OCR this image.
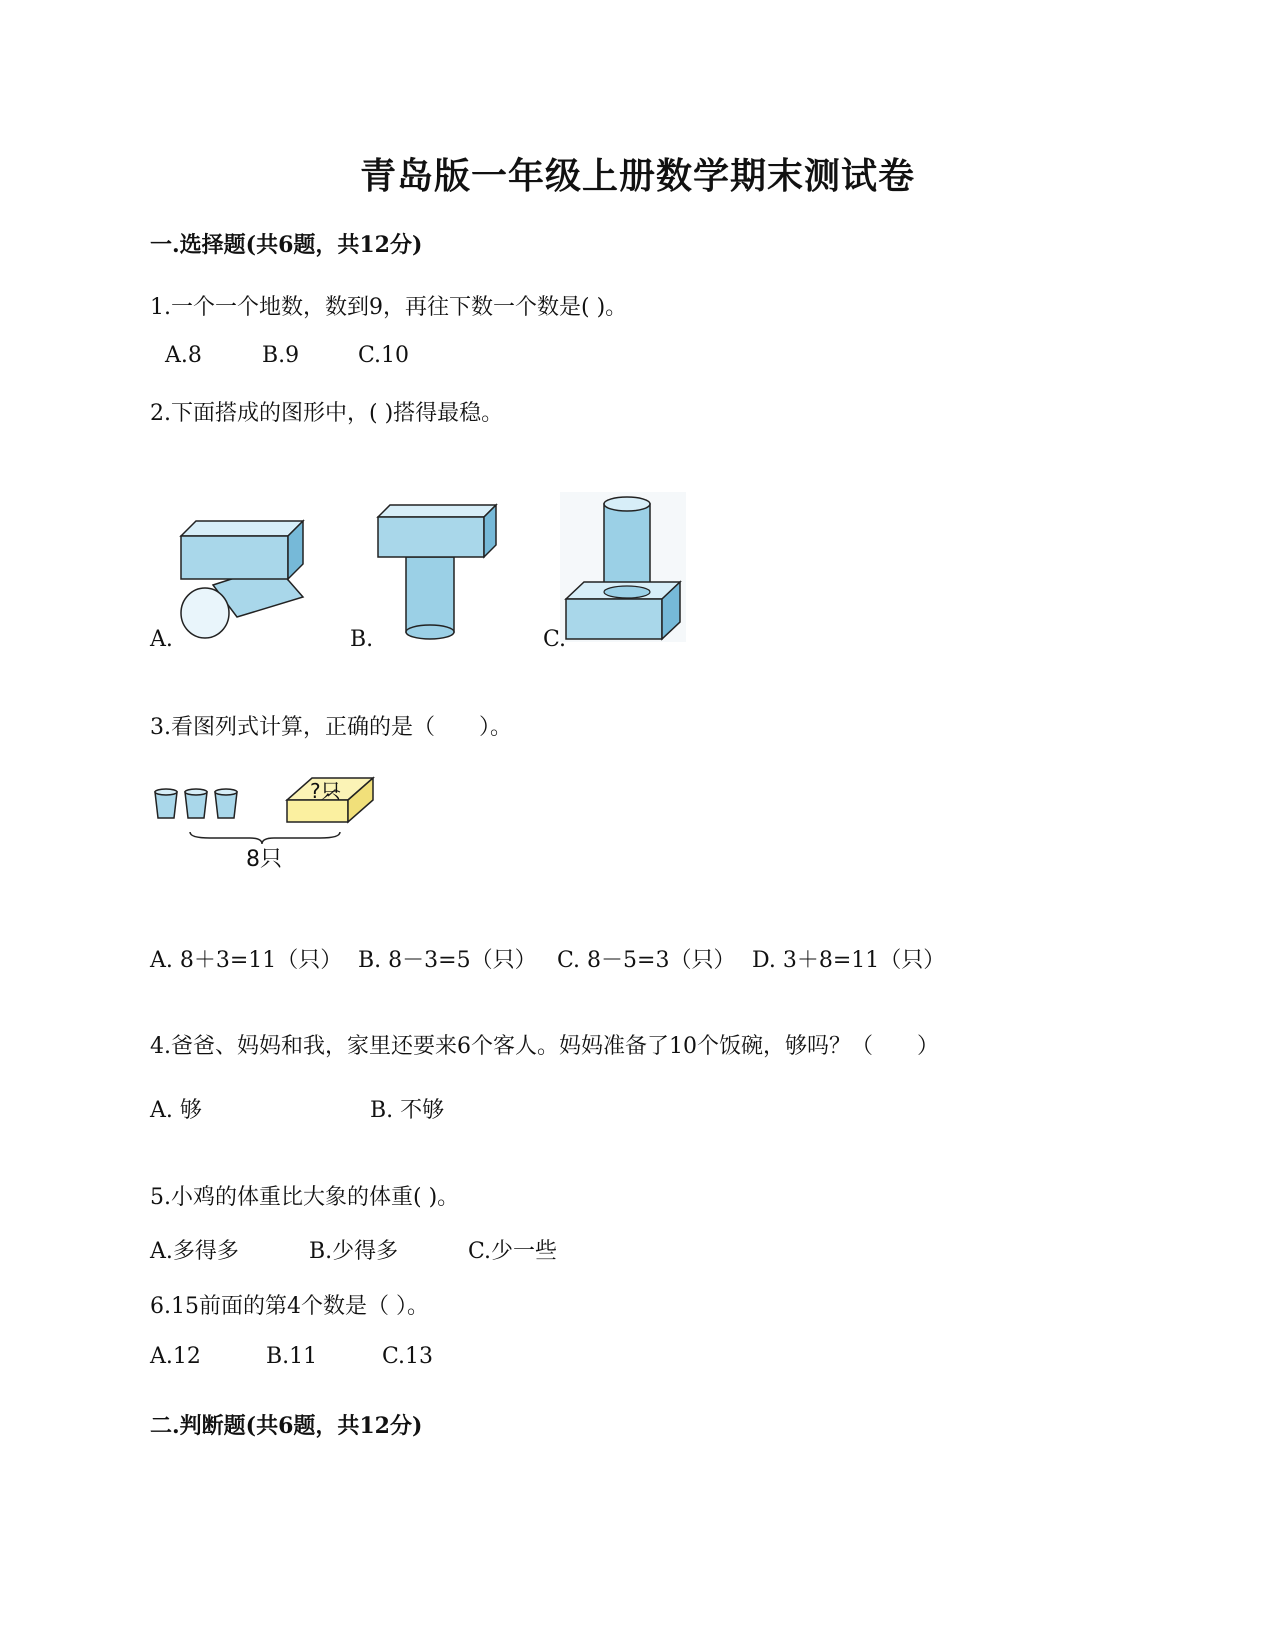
青岛版一年级上册数学期末测试卷
一.选择题(共6题，共12分)
1.一个一个地数，数到9，再往下数一个数是( )。
A.8	B.9	C.10
2.下面搭成的图形中，( )搭得最稳。
A.	B.	C.
3.看图列式计算，正确的是（　　）。
?只
8只
A. 8＋3=11（只） B. 8－3=5（只） C. 8－5=3（只） D. 3＋8=11（只）
4.爸爸、妈妈和我，家里还要来6个客人。妈妈准备了10个饭碗，够吗？（　　）
A. 够	B. 不够
5.小鸡的体重比大象的体重( )。
A.多得多	B.少得多	C.少一些
6.15前面的第4个数是（ ）。
A.12	B.11	C.13
二.判断题(共6题，共12分)
